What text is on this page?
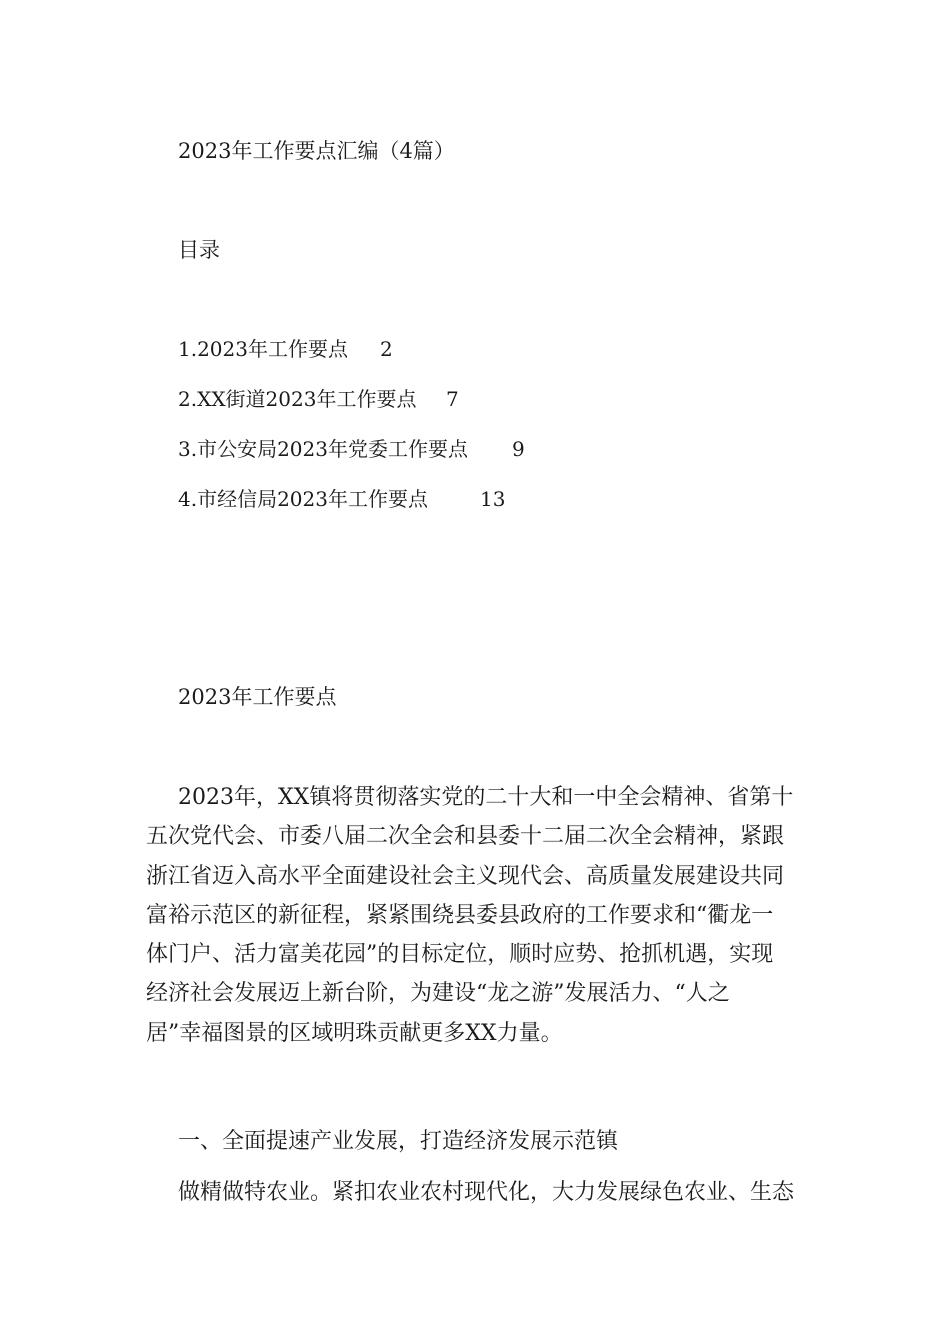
2023年工作要点汇编（4篇）
目录
1.2023年工作要点 2
2.XX街道2023年工作要点 7
3.市公安局2023年党委工作要点 9
4.市经信局2023年工作要点	13
2023年工作要点
2023年，XX镇将贯彻落实党的二十大和一中全会精神、省第十
五次党代会、市委八届二次全会和县委十二届二次全会精神，紧跟
浙江省迈入高水平全面建设社会主义现代会、高质量发展建设共同
富裕示范区的新征程，紧紧围绕县委县政府的工作要求和“衢龙一
体门户、活力富美花园”的目标定位，顺时应势、抢抓机遇，实现
经济社会发展迈上新台阶，为建设“龙之游”发展活力、“人之
居”幸福图景的区域明珠贡献更多XX力量。
一、全面提速产业发展，打造经济发展示范镇
做精做特农业。紧扣农业农村现代化，大力发展绿色农业、生态
